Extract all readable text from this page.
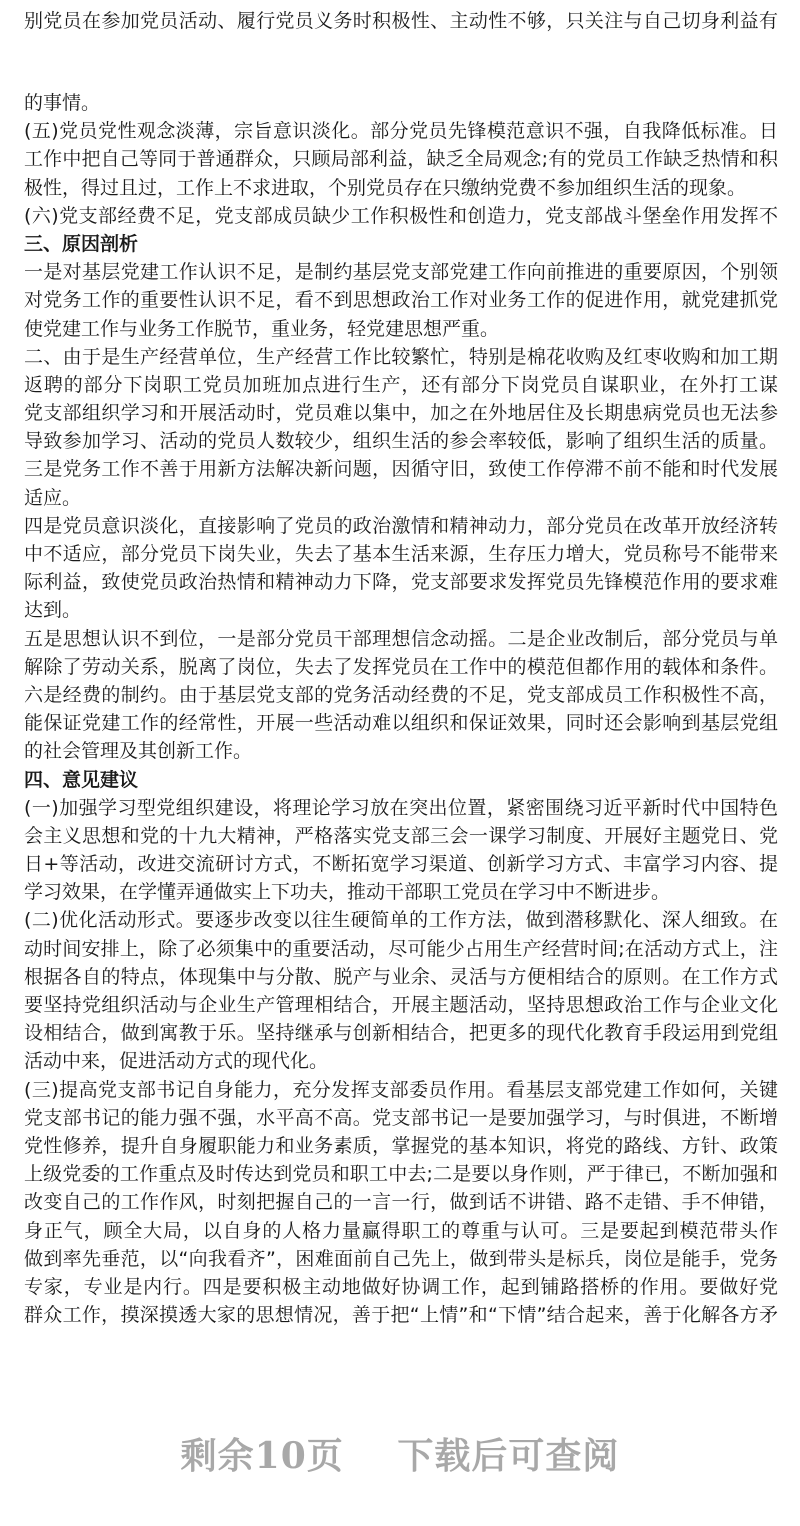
别党员在参加党员活动、履行党员义务时积极性、主动性不够，只关注与自己切身利益有
的事情。
(五)党员党性观念淡薄，宗旨意识淡化。部分党员先锋模范意识不强，自我降低标准。日
工作中把自己等同于普通群众，只顾局部利益，缺乏全局观念;有的党员工作缺乏热情和积
极性，得过且过，工作上不求进取，个别党员存在只缴纳党费不参加组织生活的现象。
(六)党支部经费不足，党支部成员缺少工作积极性和创造力，党支部战斗堡垒作用发挥不
三、原因剖析
一是对基层党建工作认识不足，是制约基层党支部党建工作向前推进的重要原因，个别领
对党务工作的重要性认识不足，看不到思想政治工作对业务工作的促进作用，就党建抓党
使党建工作与业务工作脱节，重业务，轻党建思想严重。
二、由于是生产经营单位，生产经营工作比较繁忙，特别是棉花收购及红枣收购和加工期
返聘的部分下岗职工党员加班加点进行生产，还有部分下岗党员自谋职业，在外打工谋
党支部组织学习和开展活动时，党员难以集中，加之在外地居住及长期患病党员也无法参
导致参加学习、活动的党员人数较少，组织生活的参会率较低，影响了组织生活的质量。
三是党务工作不善于用新方法解决新问题，因循守旧，致使工作停滞不前不能和时代发展
适应。
四是党员意识淡化，直接影响了党员的政治激情和精神动力，部分党员在改革开放经济转
中不适应，部分党员下岗失业，失去了基本生活来源，生存压力增大，党员称号不能带来
际利益，致使党员政治热情和精神动力下降，党支部要求发挥党员先锋模范作用的要求难
达到。
五是思想认识不到位，一是部分党员干部理想信念动摇。二是企业改制后，部分党员与单
解除了劳动关系，脱离了岗位，失去了发挥党员在工作中的模范但都作用的载体和条件。
六是经费的制约。由于基层党支部的党务活动经费的不足，党支部成员工作积极性不高，
能保证党建工作的经常性，开展一些活动难以组织和保证效果，同时还会影响到基层党组
的社会管理及其创新工作。
四、意见建议
(一)加强学习型党组织建设，将理论学习放在突出位置，紧密围绕习近平新时代中国特色
会主义思想和党的十九大精神，严格落实党支部三会一课学习制度、开展好主题党日、党
日+等活动，改进交流研讨方式，不断拓宽学习渠道、创新学习方式、丰富学习内容、提
学习效果，在学懂弄通做实上下功夫，推动干部职工党员在学习中不断进步。
(二)优化活动形式。要逐步改变以往生硬简单的工作方法，做到潜移默化、深人细致。在
动时间安排上，除了必须集中的重要活动，尽可能少占用生产经营时间;在活动方式上，注
根据各自的特点，体现集中与分散、脱产与业余、灵活与方便相结合的原则。在工作方式
要坚持党组织活动与企业生产管理相结合，开展主题活动，坚持思想政治工作与企业文化
设相结合，做到寓教于乐。坚持继承与创新相结合，把更多的现代化教育手段运用到党组
活动中来，促进活动方式的现代化。
(三)提高党支部书记自身能力，充分发挥支部委员作用。看基层支部党建工作如何，关键
党支部书记的能力强不强，水平高不高。党支部书记一是要加强学习，与时俱进，不断增
党性修养，提升自身履职能力和业务素质，掌握党的基本知识，将党的路线、方针、政策
上级党委的工作重点及时传达到党员和职工中去;二是要以身作则，严于律已，不断加强和
改变自己的工作作风，时刻把握自己的一言一行，做到话不讲错、路不走错、手不伸错，
身正气，顾全大局，以自身的人格力量赢得职工的尊重与认可。三是要起到模范带头作
做到率先垂范，以“向我看齐”，困难面前自己先上，做到带头是标兵，岗位是能手，党务
专家，专业是内行。四是要积极主动地做好协调工作，起到铺路搭桥的作用。要做好党
群众工作，摸深摸透大家的思想情况，善于把“上情”和“下情”结合起来，善于化解各方矛
剩余10页 下载后可查阅
